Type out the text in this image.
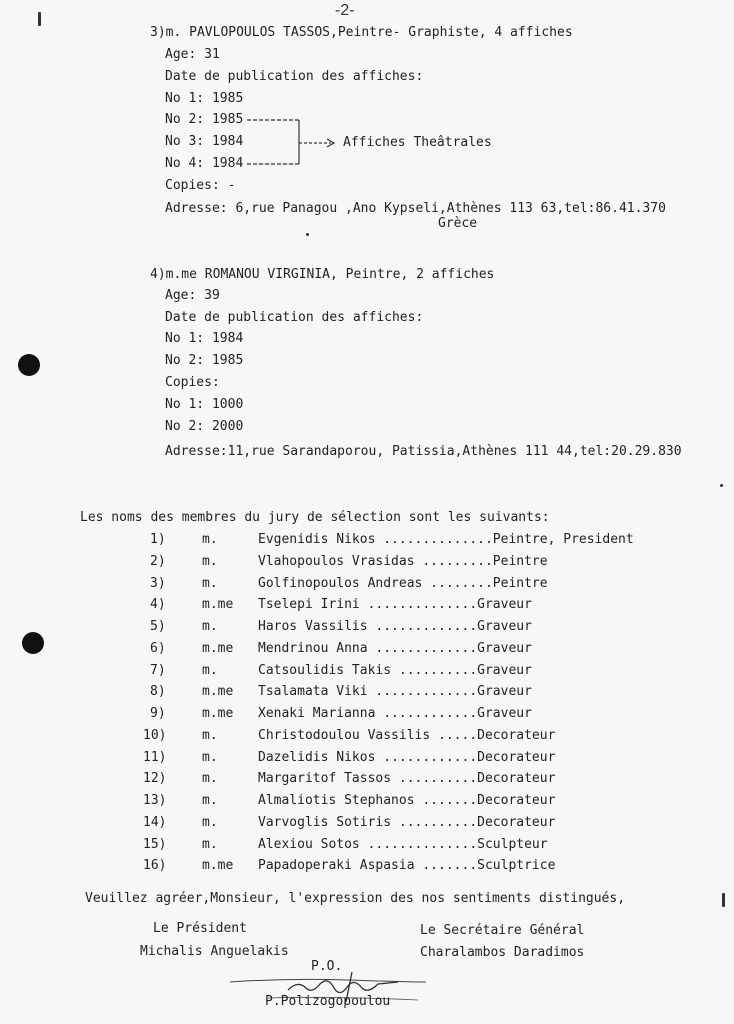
-2-
3)m. PAVLOPOULOS TASSOS,Peintre- Graphiste, 4 affiches
Age: 31
Date de publication des affiches:
No 1: 1985
No 2: 1985
No 3: 1984
No 4: 1984
Affiches Theâtrales
Copies: -
Adresse: 6,rue Panagou ,Ano Kypseli,Athènes 113 63,tel:86.41.370
Grèce
4)m.me ROMANOU VIRGINIA, Peintre, 2 affiches
Age: 39
Date de publication des affiches:
No 1: 1984
No 2: 1985
Copies:
No 1: 1000
No 2: 2000
Adresse:11,rue Sarandaporou, Patissia,Athènes 111 44,tel:20.29.830
Les noms des membres du jury de sélection sont les suivants:
1)	m.	Evgenidis Nikos ..............Peintre, President
2)	m.	Vlahopoulos Vrasidas .........Peintre
3)	m.	Golfinopoulos Andreas ........Peintre
4)	m.me Tselepi Irini ..............Graveur
5)	m.	Haros Vassilis .............Graveur
6)	m.me Mendrinou Anna .............Graveur
7)	m.	Catsoulidis Takis ..........Graveur
8)	m.me Tsalamata Viki .............Graveur
9)	m.me Xenaki Marianna ............Graveur
10)	m.	Christodoulou Vassilis .....Decorateur
11)	m.	Dazelidis Nikos ............Decorateur
12)	m.	Margaritof Tassos ..........Decorateur
13)	m.	Almaliotis Stephanos .......Decorateur
14)	m.	Varvoglis Sotiris ..........Decorateur
15)	m.	Alexiou Sotos ..............Sculpteur
16)	m.me Papadoperaki Aspasia .......Sculptrice
Veuillez agréer,Monsieur, l'expression des nos sentiments distingués,
Le Président
Michalis Anguelakis
Le Secrétaire Général
Charalambos Daradimos
P.O.
P.Polizogopoulou
